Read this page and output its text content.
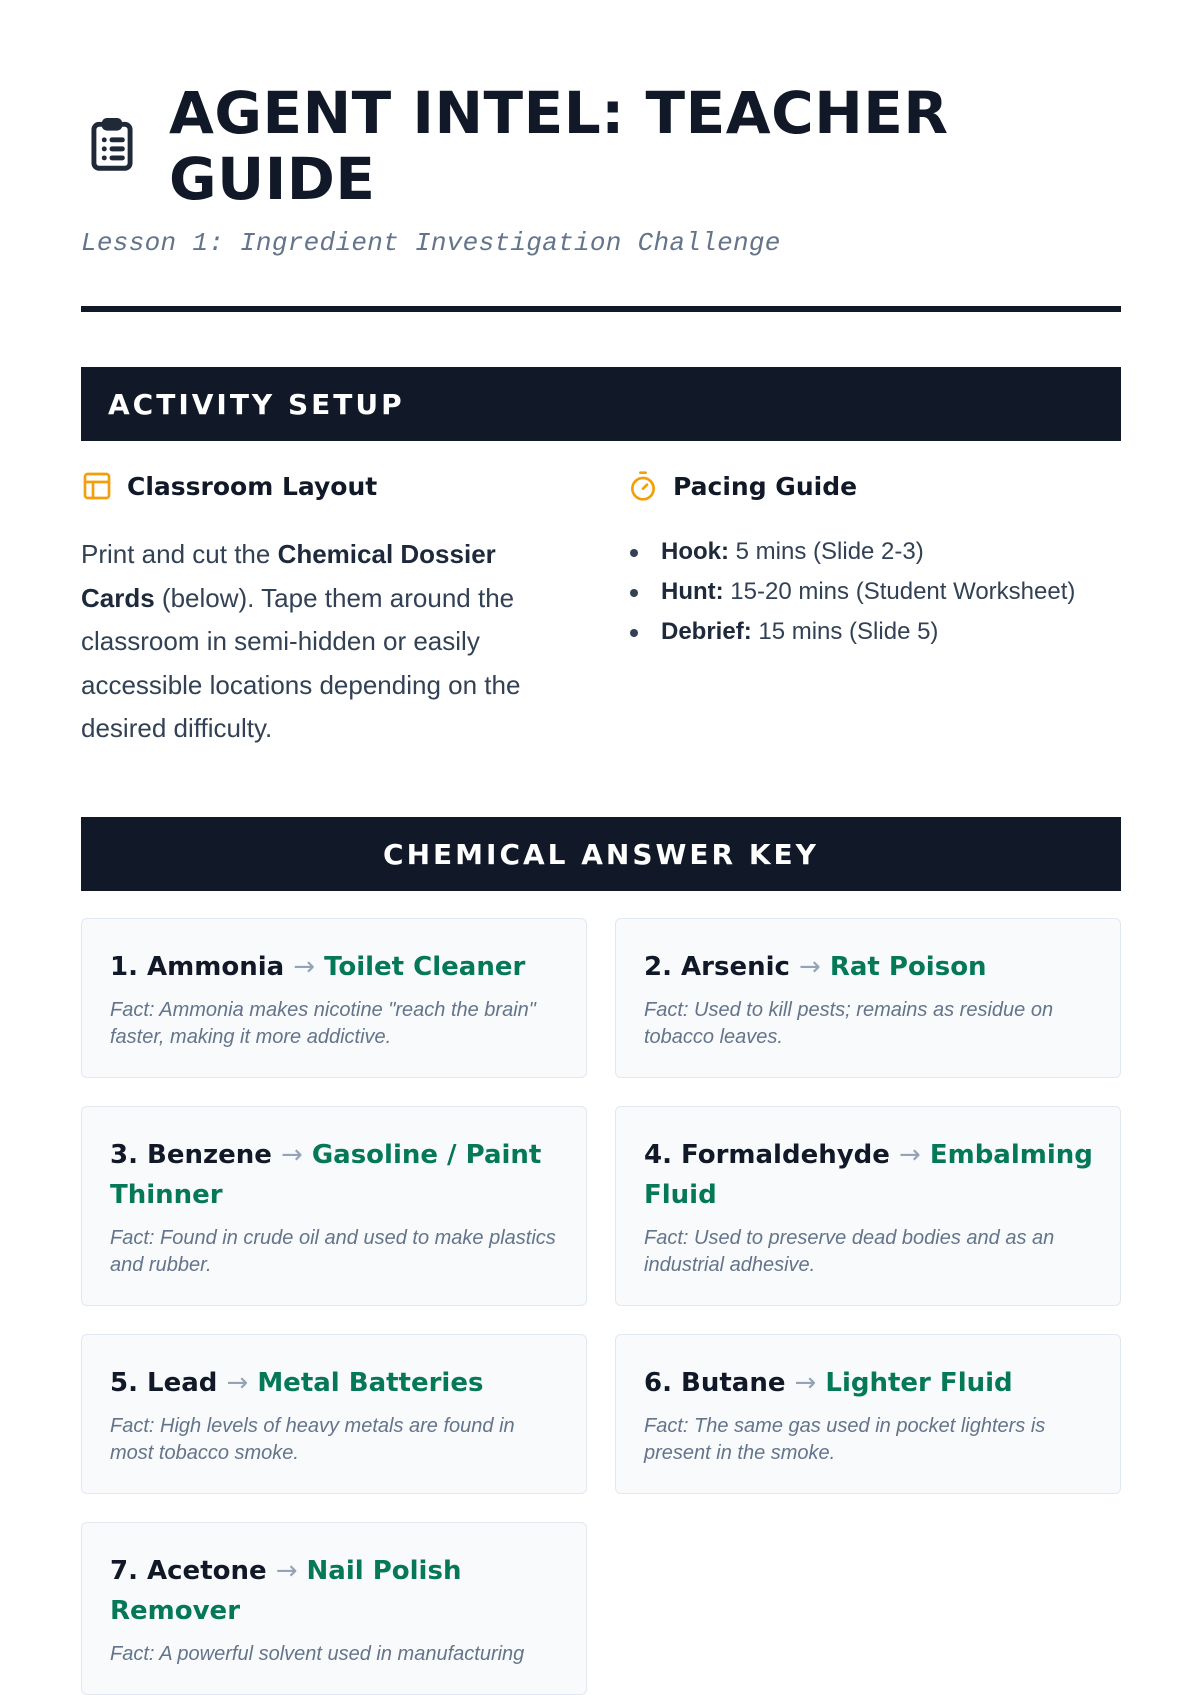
AGENT INTEL: TEACHER GUIDE
Lesson 1: Ingredient Investigation Challenge
ACTIVITY SETUP
Classroom Layout

Print and cut the Chemical Dossier Cards (below). Tape them around the classroom in semi-hidden or easily accessible locations depending on the desired difficulty.

Pacing Guide
Hook: 5 mins (Slide 2-3)
Hunt: 15-20 mins (Student Worksheet)
Debrief: 15 mins (Slide 5)
CHEMICAL ANSWER KEY
1. Ammonia → Toilet Cleaner
Fact: Ammonia makes nicotine "reach the brain" faster, making it more addictive.
2. Arsenic → Rat Poison
Fact: Used to kill pests; remains as residue on tobacco leaves.
3. Benzene → Gasoline / Paint Thinner
Fact: Found in crude oil and used to make plastics and rubber.
4. Formaldehyde → Embalming Fluid
Fact: Used to preserve dead bodies and as an industrial adhesive.
5. Lead → Metal Batteries
Fact: High levels of heavy metals are found in most tobacco smoke.
6. Butane → Lighter Fluid
Fact: The same gas used in pocket lighters is present in the smoke.
7. Acetone → Nail Polish Remover
Fact: A powerful solvent used in manufacturing
